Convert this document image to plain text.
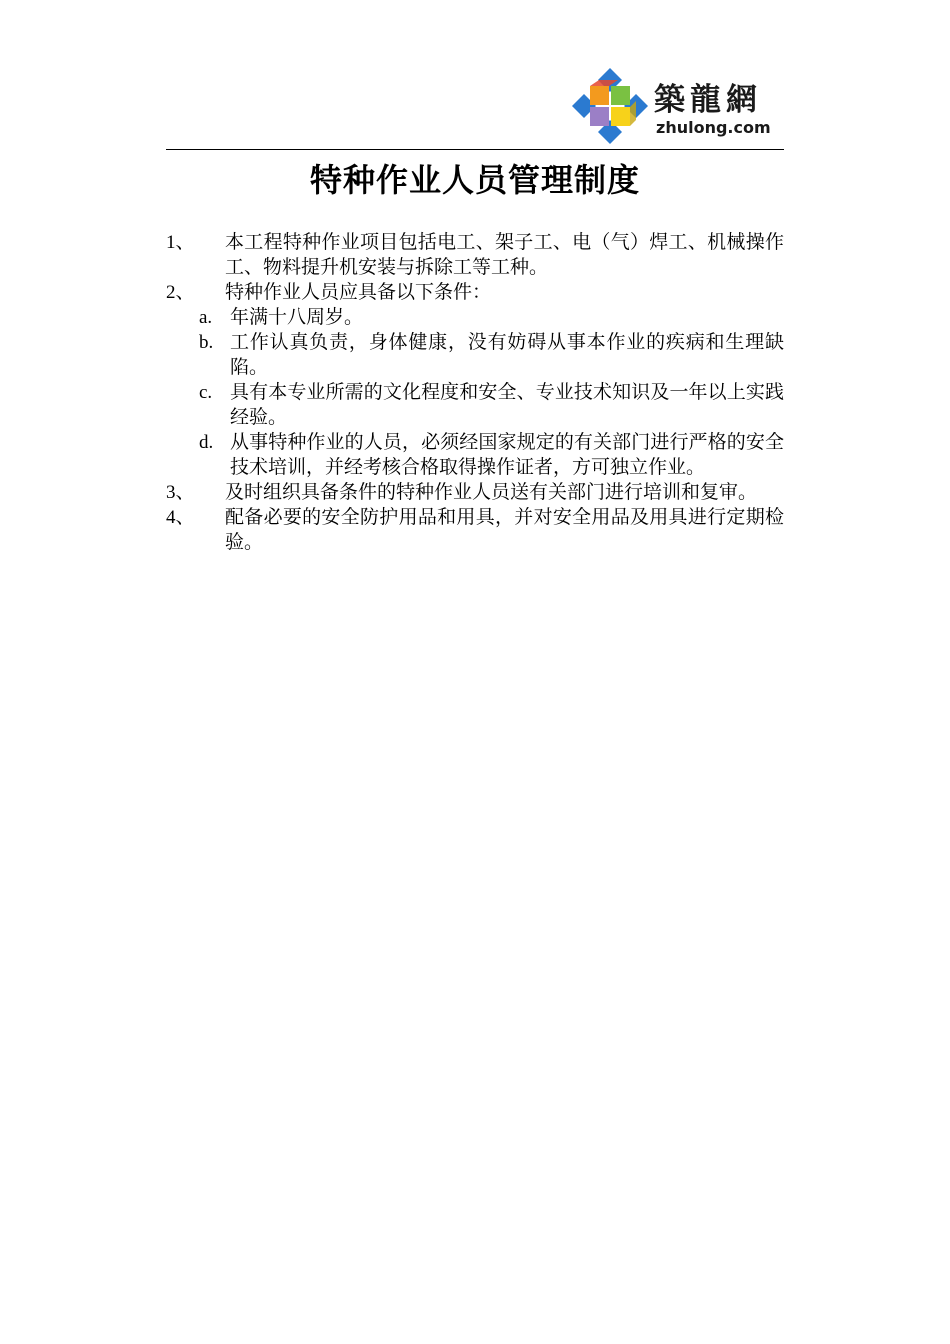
築龍網
zhulong.com
特种作业人员管理制度
1、 本工程特种作业项目包括电工、架子工、电（气）焊工、机械操作工、物料提升机安装与拆除工等工种。
2、 特种作业人员应具备以下条件：
a. 年满十八周岁。
b. 工作认真负责，身体健康，没有妨碍从事本作业的疾病和生理缺陷。
c. 具有本专业所需的文化程度和安全、专业技术知识及一年以上实践经验。
d. 从事特种作业的人员，必须经国家规定的有关部门进行严格的安全技术培训，并经考核合格取得操作证者，方可独立作业。
3、 及时组织具备条件的特种作业人员送有关部门进行培训和复审。
4、 配备必要的安全防护用品和用具，并对安全用品及用具进行定期检验。
